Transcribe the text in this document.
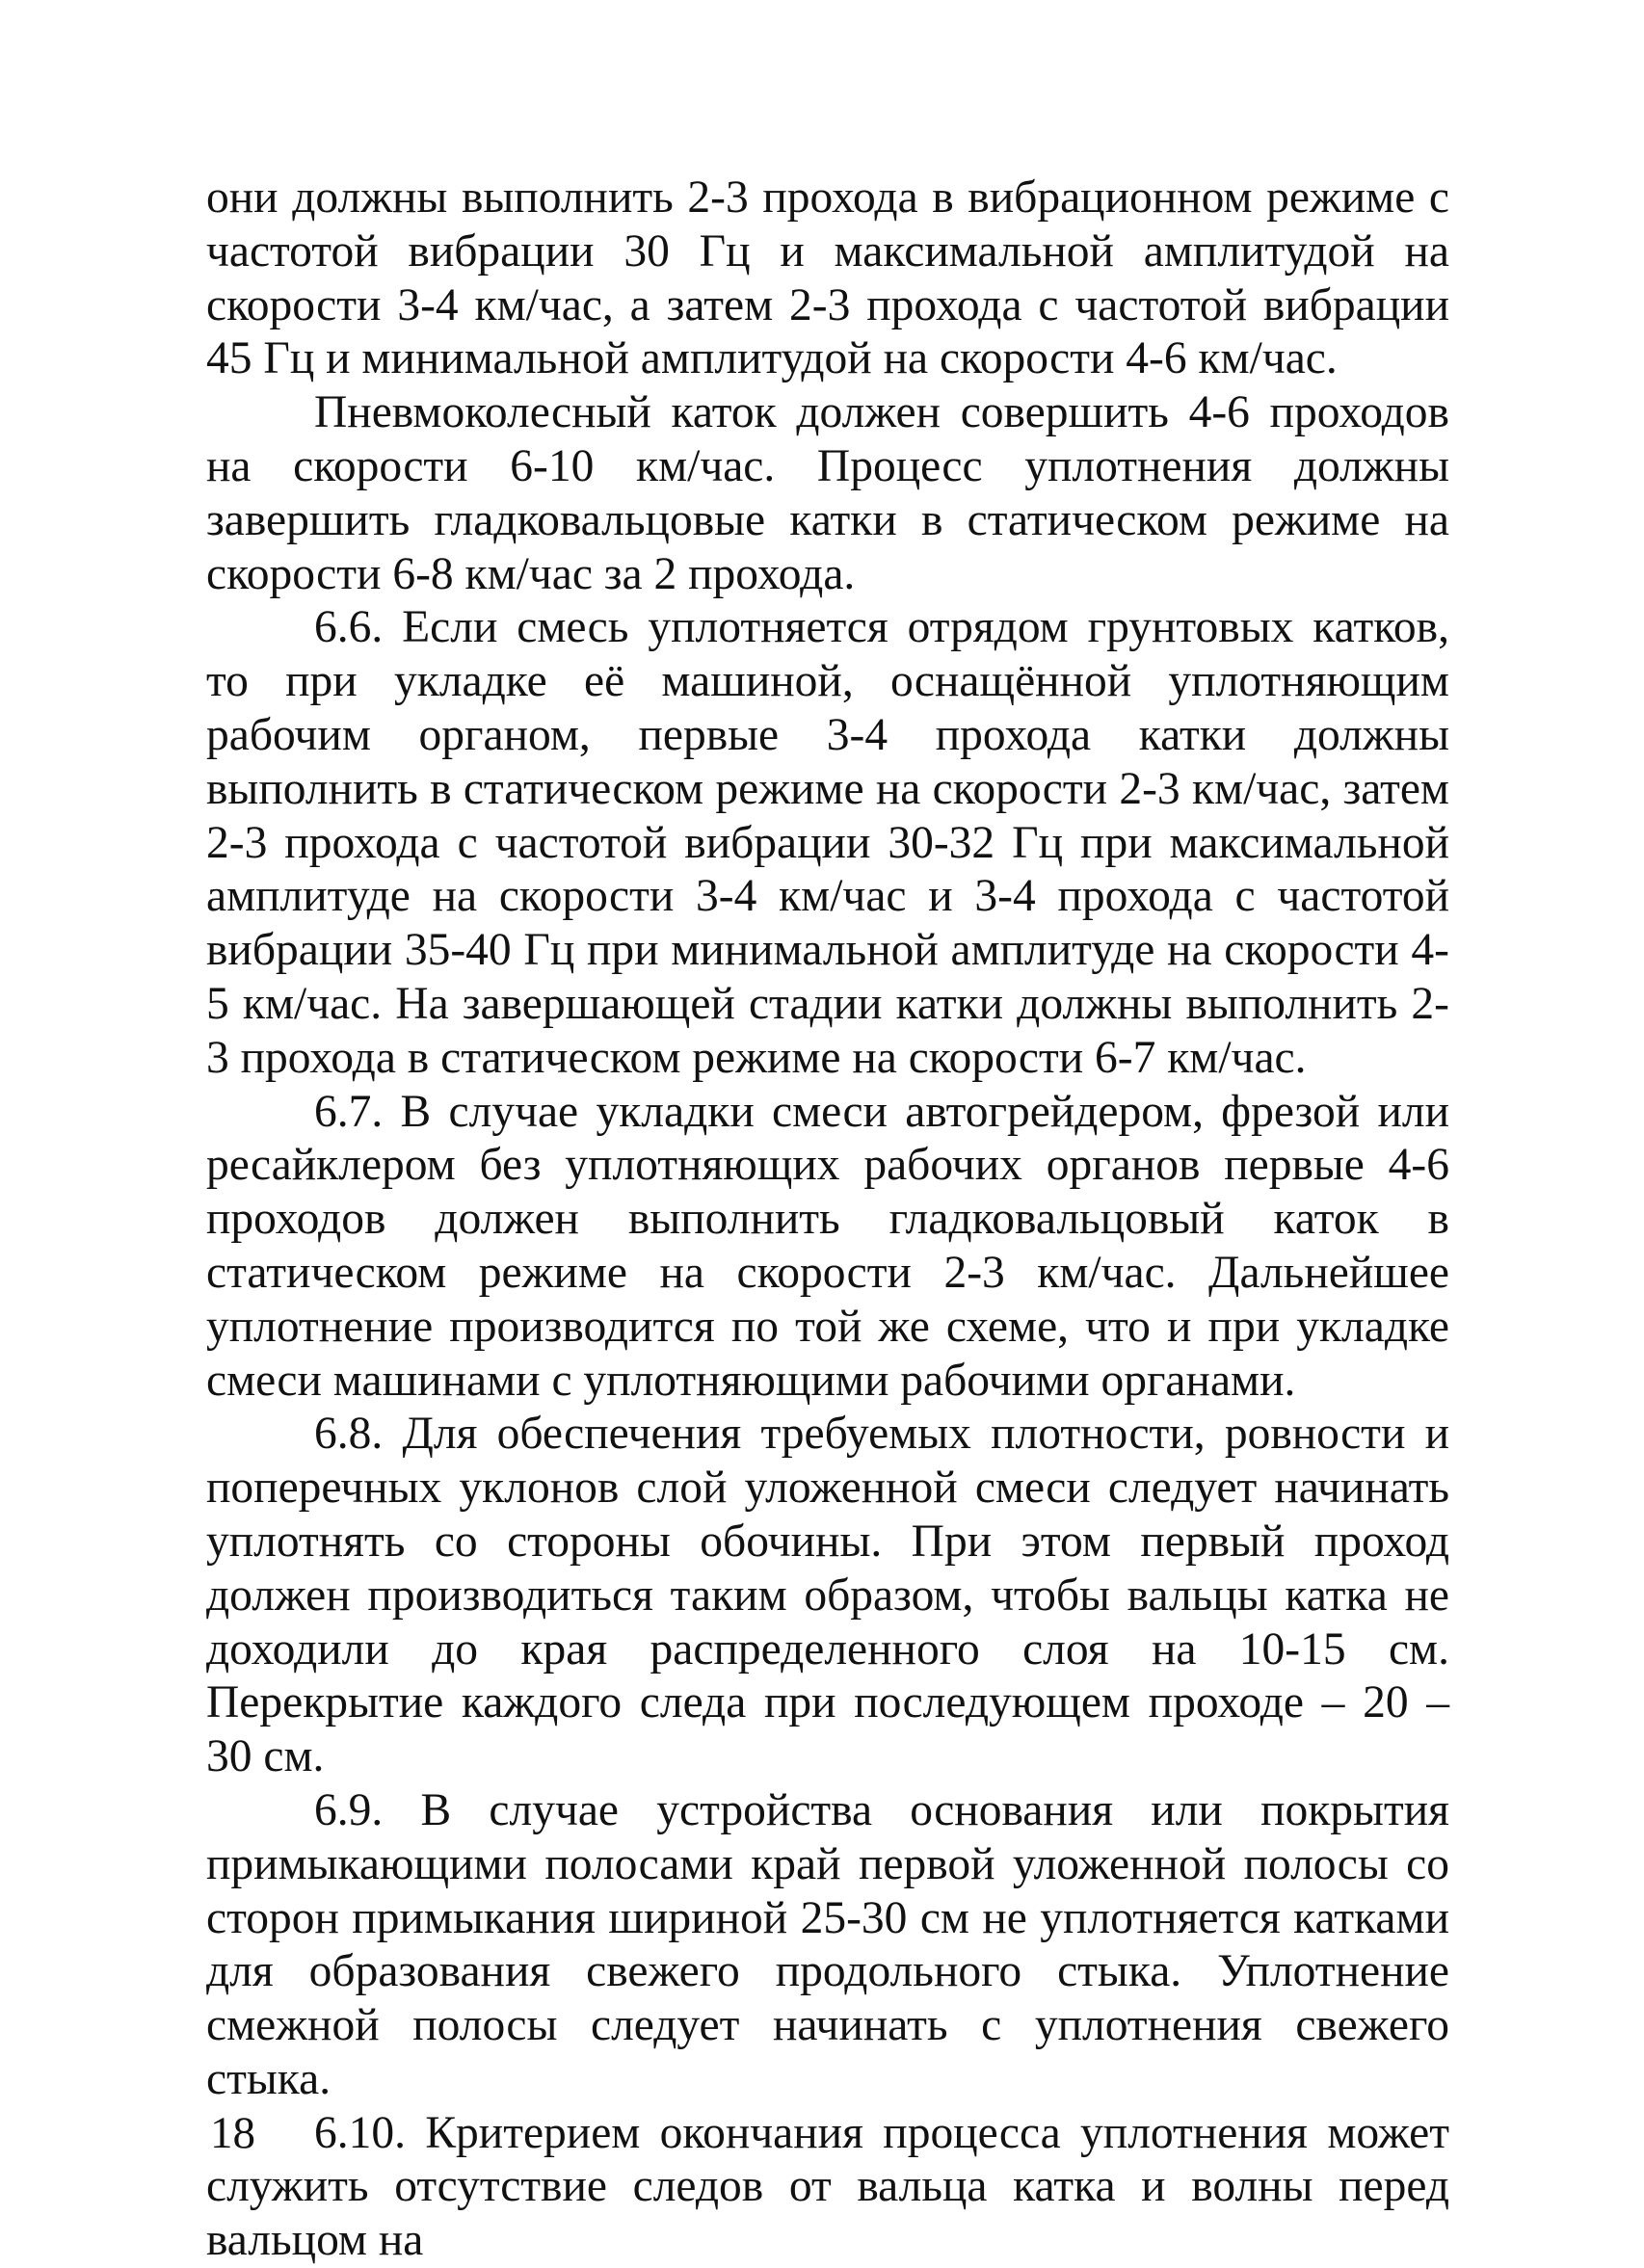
они должны выполнить 2-3 прохода в вибрационном режиме с частотой вибрации 30 Гц и максимальной амплитудой на скорости 3-4 км/час, а затем 2-3 прохода с частотой вибрации 45 Гц и минимальной амплитудой на скорости 4-6 км/час.

Пневмоколесный каток должен совершить 4-6 проходов на скорости 6-10 км/час. Процесс уплотнения должны завершить гладковальцовые катки в статическом режиме на скорости 6-8 км/час за 2 прохода.

6.6. Если смесь уплотняется отрядом грунтовых катков, то при укладке её машиной, оснащённой уплотняющим рабочим органом, первые 3-4 прохода катки должны выполнить в статическом режиме на скорости 2-3 км/час, затем 2-3 прохода с частотой вибрации 30-32 Гц при максимальной амплитуде на скорости 3-4 км/час и 3-4 прохода с частотой вибрации 35-40 Гц при минимальной амплитуде на скорости 4-5 км/час. На завершающей стадии катки должны выполнить 2-3 прохода в статическом режиме на скорости 6-7 км/час.

6.7. В случае укладки смеси автогрейдером, фрезой или ресайклером без уплотняющих рабочих органов первые 4-6 проходов должен выполнить гладковальцовый каток в статическом режиме на скорости 2-3 км/час. Дальнейшее уплотнение производится по той же схеме, что и при укладке смеси машинами с уплотняющими рабочими органами.

6.8. Для обеспечения требуемых плотности, ровности и поперечных уклонов слой уложенной смеси следует начинать уплотнять со стороны обочины. При этом первый проход должен производиться таким образом, чтобы вальцы катка не доходили до края распределенного слоя на 10-15 см. Перекрытие каждого следа при последующем проходе – 20 – 30 см.

6.9. В случае устройства основания или покрытия примыкающими полосами край первой уложенной полосы со сторон примыкания шириной 25-30 см не уплотняется катками для образования свежего продольного стыка. Уплотнение смежной полосы следует начинать с уплотнения свежего стыка.

6.10. Критерием окончания процесса уплотнения может служить отсутствие следов от вальца катка и волны перед вальцом на

18
